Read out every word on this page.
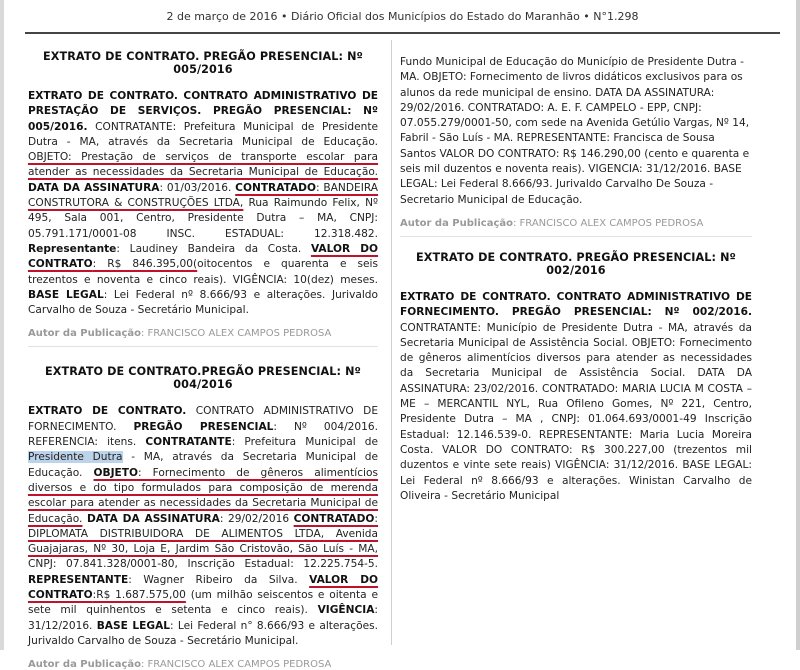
2 de março de 2016 • Diário Oficial dos Municípios do Estado do Maranhão • N°1.298
EXTRATO DE CONTRATO. PREGÃO PRESENCIAL: Nº 005/2016
EXTRATO DE CONTRATO. CONTRATO ADMINISTRATIVO DE PRESTAÇÃO DE SERVIÇOS. PREGÃO PRESENCIAL: Nº 005/2016. CONTRATANTE: Prefeitura Municipal de Presidente Dutra - MA, através da Secretaria Municipal de Educação. OBJETO: Prestação de serviços de transporte escolar para atender as necessidades da Secretaria Municipal de Educação. DATA DA ASSINATURA: 01/03/2016. CONTRATADO: BANDEIRA CONSTRUTORA & CONSTRUÇÕES LTDA, Rua Raimundo Felix, Nº 495, Sala 001, Centro, Presidente Dutra – MA, CNPJ: 05.791.171/0001-08 INSC. ESTADUAL: 12.318.482. Representante: Laudiney Bandeira da Costa. VALOR DO CONTRATO: R$ 846.395,00(oitocentos e quarenta e seis trezentos e noventa e cinco reais). VIGÊNCIA: 10(dez) meses. BASE LEGAL: Lei Federal nº 8.666/93 e alterações. Jurivaldo Carvalho de Souza - Secretário Municipal.
Autor da Publicação: FRANCISCO ALEX CAMPOS PEDROSA
EXTRATO DE CONTRATO.PREGÃO PRESENCIAL: Nº 004/2016
EXTRATO DE CONTRATO. CONTRATO ADMINISTRATIVO DE FORNECIMENTO. PREGÃO PRESENCIAL: Nº 004/2016. REFERENCIA: itens. CONTRATANTE: Prefeitura Municipal de Presidente Dutra - MA, através da Secretaria Municipal de Educação. OBJETO: Fornecimento de gêneros alimentícios diversos e do tipo formulados para composição de merenda escolar para atender as necessidades da Secretaria Municipal de Educação. DATA DA ASSINATURA: 29/02/2016 CONTRATADO: DIPLOMATA DISTRIBUIDORA DE ALIMENTOS LTDA, Avenida Guajajaras, Nº 30, Loja E, Jardim São Cristovão, São Luís - MA, CNPJ: 07.841.328/0001-80, Inscrição Estadual: 12.225.754-5. REPRESENTANTE: Wagner Ribeiro da Silva. VALOR DO CONTRATO:R$ 1.687.575,00 (um milhão seiscentos e oitenta e sete mil quinhentos e setenta e cinco reais). VIGÊNCIA: 31/12/2016. BASE LEGAL: Lei Federal n° 8.666/93 e alterações. Jurivaldo Carvalho de Souza - Secretário Municipal.
Autor da Publicação: FRANCISCO ALEX CAMPOS PEDROSA
Fundo Municipal de Educação do Município de Presidente Dutra - MA. OBJETO: Fornecimento de livros didáticos exclusivos para os alunos da rede municipal de ensino. DATA DA ASSINATURA: 29/02/2016. CONTRATADO: A. E. F. CAMPELO - EPP, CNPJ: 07.055.279/0001-50, com sede na Avenida Getúlio Vargas, Nº 14, Fabril - São Luís - MA. REPRESENTANTE: Francisca de Sousa Santos VALOR DO CONTRATO: R$ 146.290,00 (cento e quarenta e seis mil duzentos e noventa reais). VIGENCIA: 31/12/2016. BASE LEGAL: Lei Federal 8.666/93. Jurivaldo Carvalho De Souza - Secretario Municipal de Educação.
Autor da Publicação: FRANCISCO ALEX CAMPOS PEDROSA
EXTRATO DE CONTRATO. PREGÃO PRESENCIAL: Nº 002/2016
EXTRATO DE CONTRATO. CONTRATO ADMINISTRATIVO DE FORNECIMENTO. PREGÃO PRESENCIAL: Nº 002/2016. CONTRATANTE: Município de Presidente Dutra - MA, através da Secretaria Municipal de Assistência Social. OBJETO: Fornecimento de gêneros alimentícios diversos para atender as necessidades da Secretaria Municipal de Assistência Social. DATA DA ASSINATURA: 23/02/2016. CONTRATADO: MARIA LUCIA M COSTA – ME – MERCANTIL NYL, Rua Ofileno Gomes, Nº 221, Centro, Presidente Dutra – MA , CNPJ: 01.064.693/0001-49 Inscrição Estadual: 12.146.539-0. REPRESENTANTE: Maria Lucia Moreira Costa. VALOR DO CONTRATO: R$ 300.227,00 (trezentos mil duzentos e vinte sete reais) VIGÊNCIA: 31/12/2016. BASE LEGAL: Lei Federal nº 8.666/93 e alterações. Winistan Carvalho de Oliveira - Secretário Municipal
